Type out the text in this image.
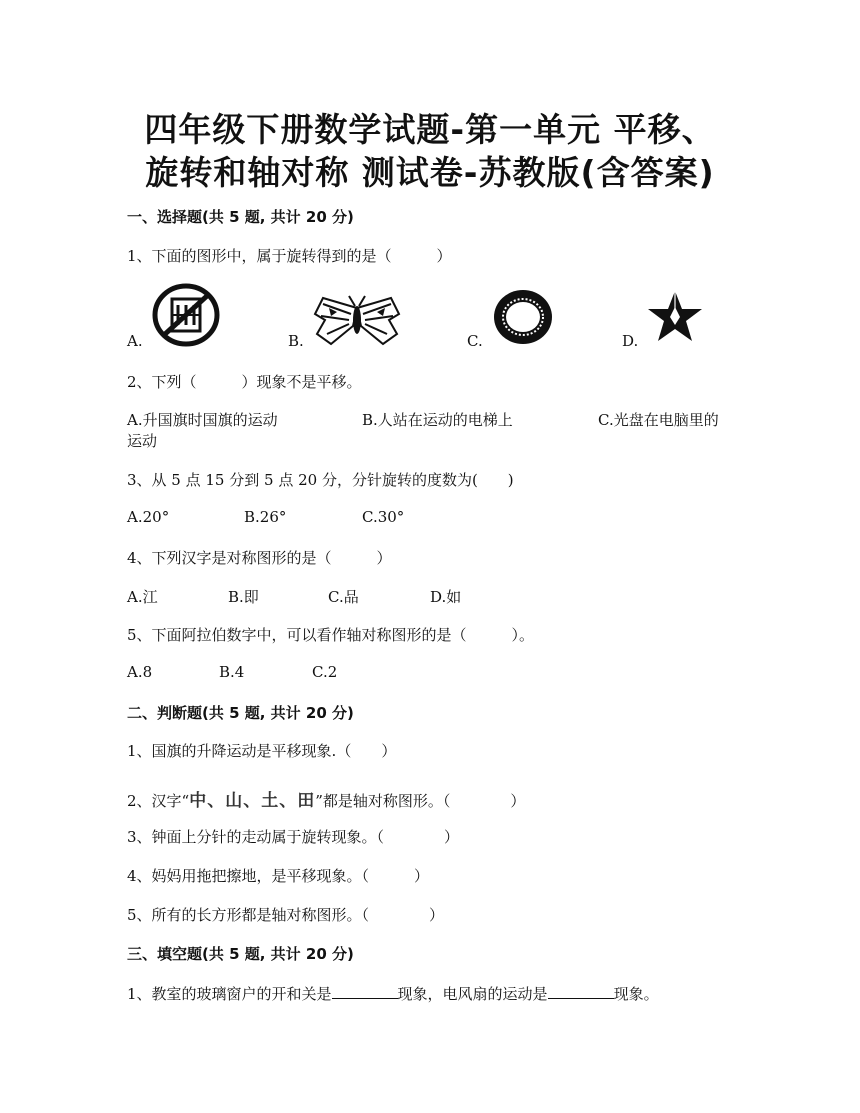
四年级下册数学试题-第一单元 平移、
旋转和轴对称 测试卷-苏教版(含答案)
一、选择题(共 5 题, 共计 20 分)
1、下面的图形中，属于旋转得到的是（　　　）
A.	B.	C.	D.
2、下列（　　　）现象不是平移。
A.升国旗时国旗的运动	B.人站在运动的电梯上	C.光盘在电脑里的
运动
3、从 5 点 15 分到 5 点 20 分，分针旋转的度数为(　　)
A.20°	B.26°	C.30°
4、下列汉字是对称图形的是（　　　）
A.江	B.即	C.品	D.如
5、下面阿拉伯数字中，可以看作轴对称图形的是（　　　）。
A.8	B.4	C.2
二、判断题(共 5 题, 共计 20 分)
1、国旗的升降运动是平移现象.（　　）
2、汉字“中、山、土、田”都是轴对称图形。（　　　　）
3、钟面上分针的走动属于旋转现象。（　　　　）
4、妈妈用拖把擦地，是平移现象。（　　　）
5、所有的长方形都是轴对称图形。（　　　　）
三、填空题(共 5 题, 共计 20 分)
1、教室的玻璃窗户的开和关是	现象，电风扇的运动是	现象。
